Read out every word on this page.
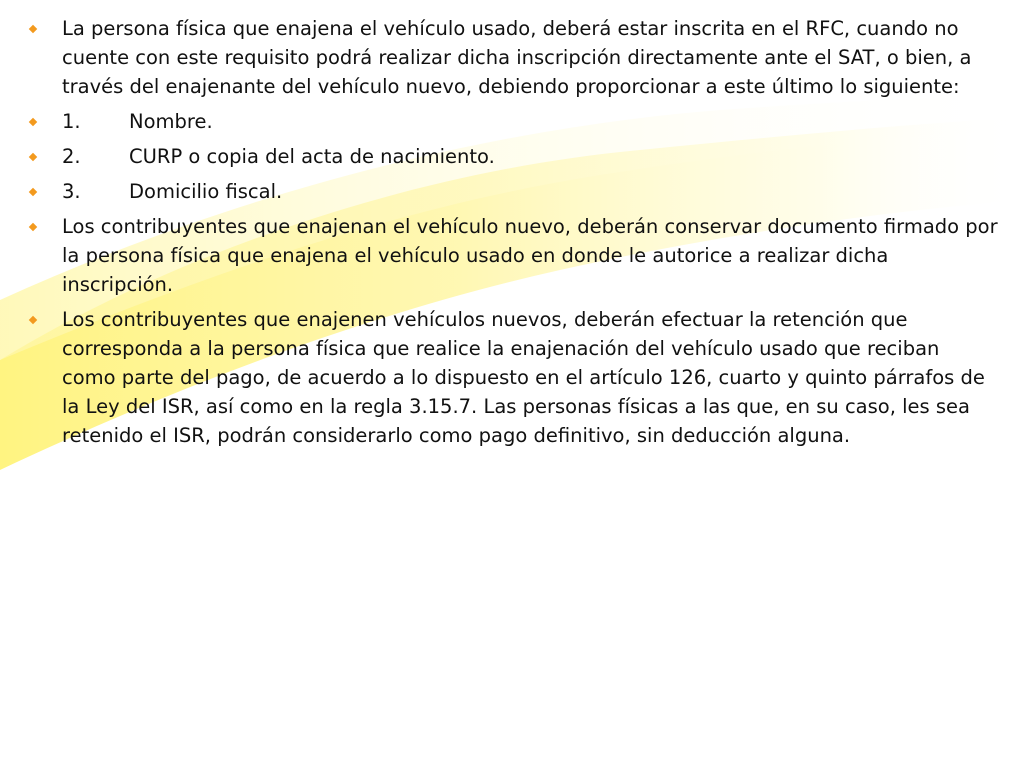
La persona física que enajena el vehículo usado, deberá estar inscrita en el RFC, cuando no cuente con este requisito podrá realizar dicha inscripción directamente ante el SAT, o bien, a través del enajenante del vehículo nuevo, debiendo proporcionar a este último lo siguiente:
1. Nombre.
2. CURP o copia del acta de nacimiento.
3. Domicilio fiscal.
Los contribuyentes que enajenan el vehículo nuevo, deberán conservar documento firmado por la persona física que enajena el vehículo usado en donde le autorice a realizar dicha inscripción.
Los contribuyentes que enajenen vehículos nuevos, deberán efectuar la retención que corresponda a la persona física que realice la enajenación del vehículo usado que reciban como parte del pago, de acuerdo a lo dispuesto en el artículo 126, cuarto y quinto párrafos de la Ley del ISR, así como en la regla 3.15.7. Las personas físicas a las que, en su caso, les sea retenido el ISR, podrán considerarlo como pago definitivo, sin deducción alguna.
